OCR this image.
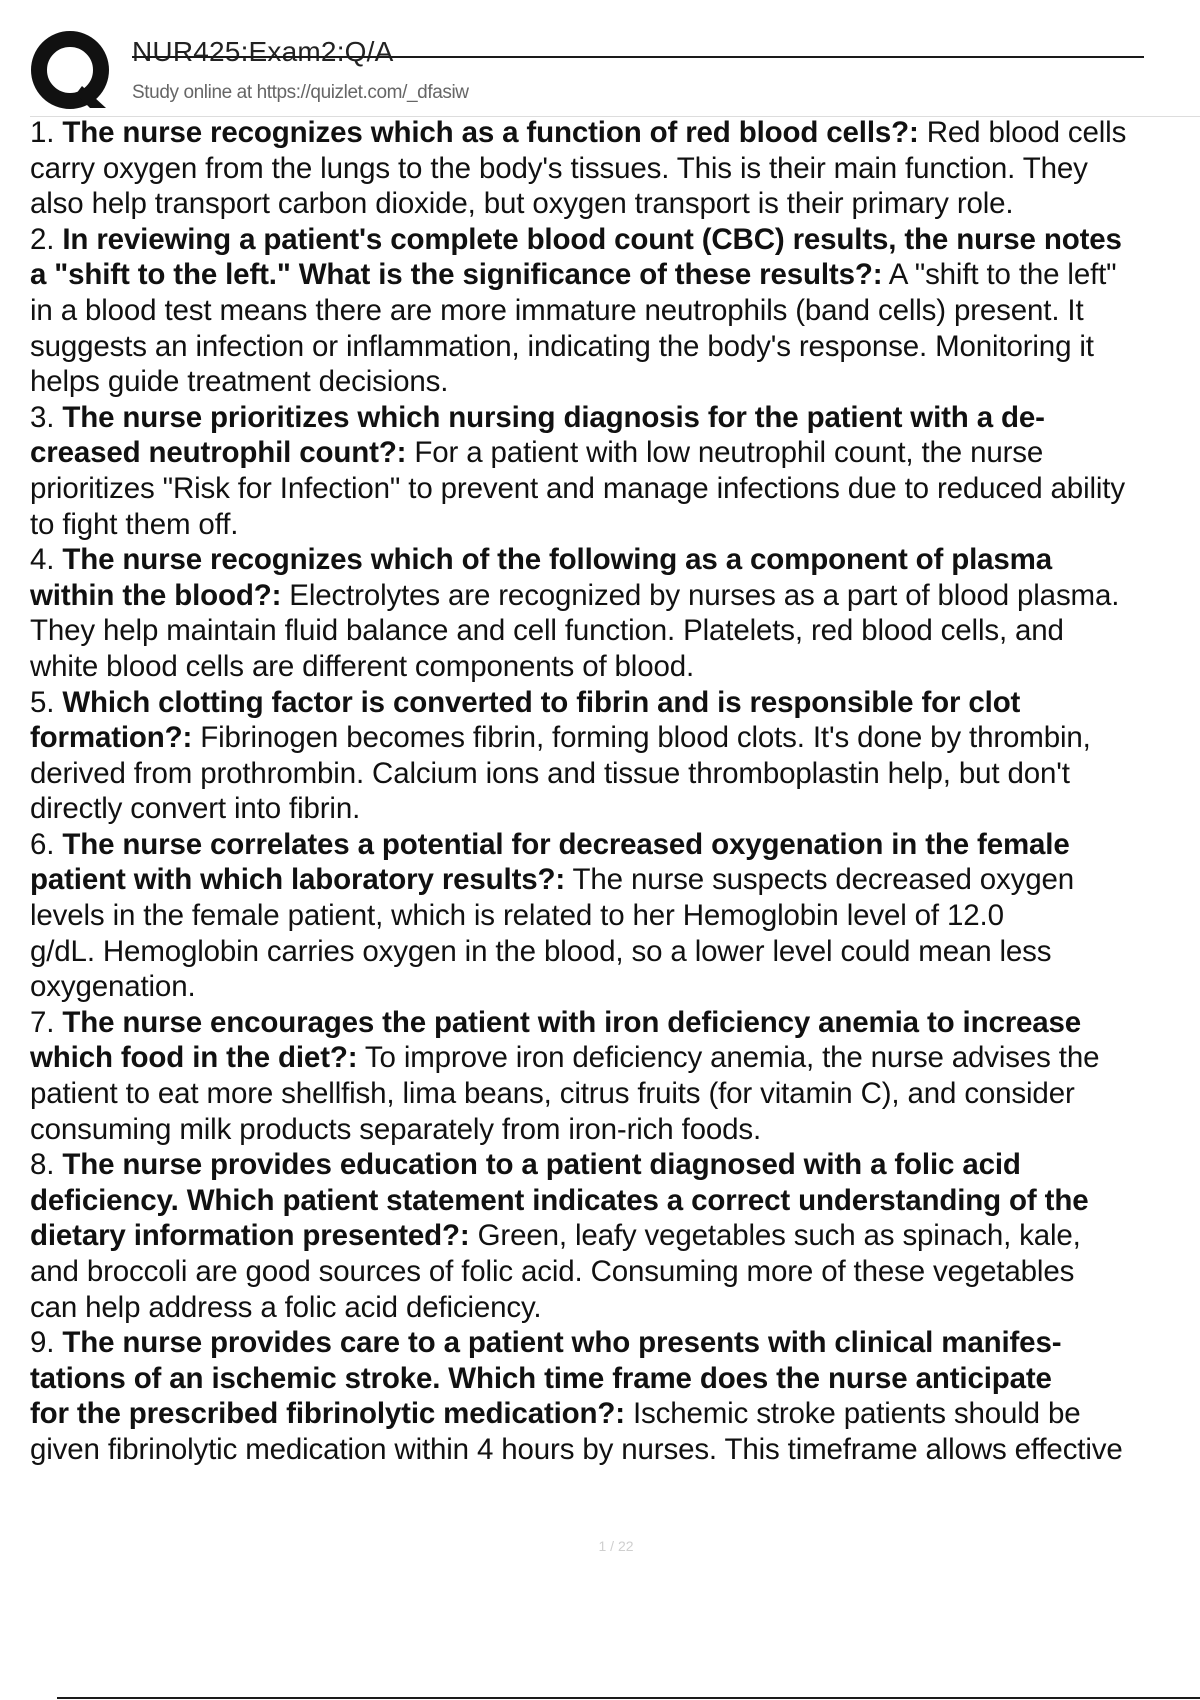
NUR425:Exam2:Q/A
Study online at https://quizlet.com/_dfasiw
1. The nurse recognizes which as a function of red blood cells?: Red blood cells
carry oxygen from the lungs to the body's tissues. This is their main function. They
also help transport carbon dioxide, but oxygen transport is their primary role.
2. In reviewing a patient's complete blood count (CBC) results, the nurse notes
a "shift to the left." What is the significance of these results?: A "shift to the left"
in a blood test means there are more immature neutrophils (band cells) present. It
suggests an infection or inflammation, indicating the body's response. Monitoring it
helps guide treatment decisions.
3. The nurse prioritizes which nursing diagnosis for the patient with a de-
creased neutrophil count?: For a patient with low neutrophil count, the nurse
prioritizes "Risk for Infection" to prevent and manage infections due to reduced ability
to fight them off.
4. The nurse recognizes which of the following as a component of plasma
within the blood?: Electrolytes are recognized by nurses as a part of blood plasma.
They help maintain fluid balance and cell function. Platelets, red blood cells, and
white blood cells are different components of blood.
5. Which clotting factor is converted to fibrin and is responsible for clot
formation?: Fibrinogen becomes fibrin, forming blood clots. It's done by thrombin,
derived from prothrombin. Calcium ions and tissue thromboplastin help, but don't
directly convert into fibrin.
6. The nurse correlates a potential for decreased oxygenation in the female
patient with which laboratory results?: The nurse suspects decreased oxygen
levels in the female patient, which is related to her Hemoglobin level of 12.0
g/dL. Hemoglobin carries oxygen in the blood, so a lower level could mean less
oxygenation.
7. The nurse encourages the patient with iron deficiency anemia to increase
which food in the diet?: To improve iron deficiency anemia, the nurse advises the
patient to eat more shellfish, lima beans, citrus fruits (for vitamin C), and consider
consuming milk products separately from iron-rich foods.
8. The nurse provides education to a patient diagnosed with a folic acid
deficiency. Which patient statement indicates a correct understanding of the
dietary information presented?: Green, leafy vegetables such as spinach, kale,
and broccoli are good sources of folic acid. Consuming more of these vegetables
can help address a folic acid deficiency.
9. The nurse provides care to a patient who presents with clinical manifes-
tations of an ischemic stroke. Which time frame does the nurse anticipate
for the prescribed fibrinolytic medication?: Ischemic stroke patients should be
given fibrinolytic medication within 4 hours by nurses. This timeframe allows effective
1 / 22
